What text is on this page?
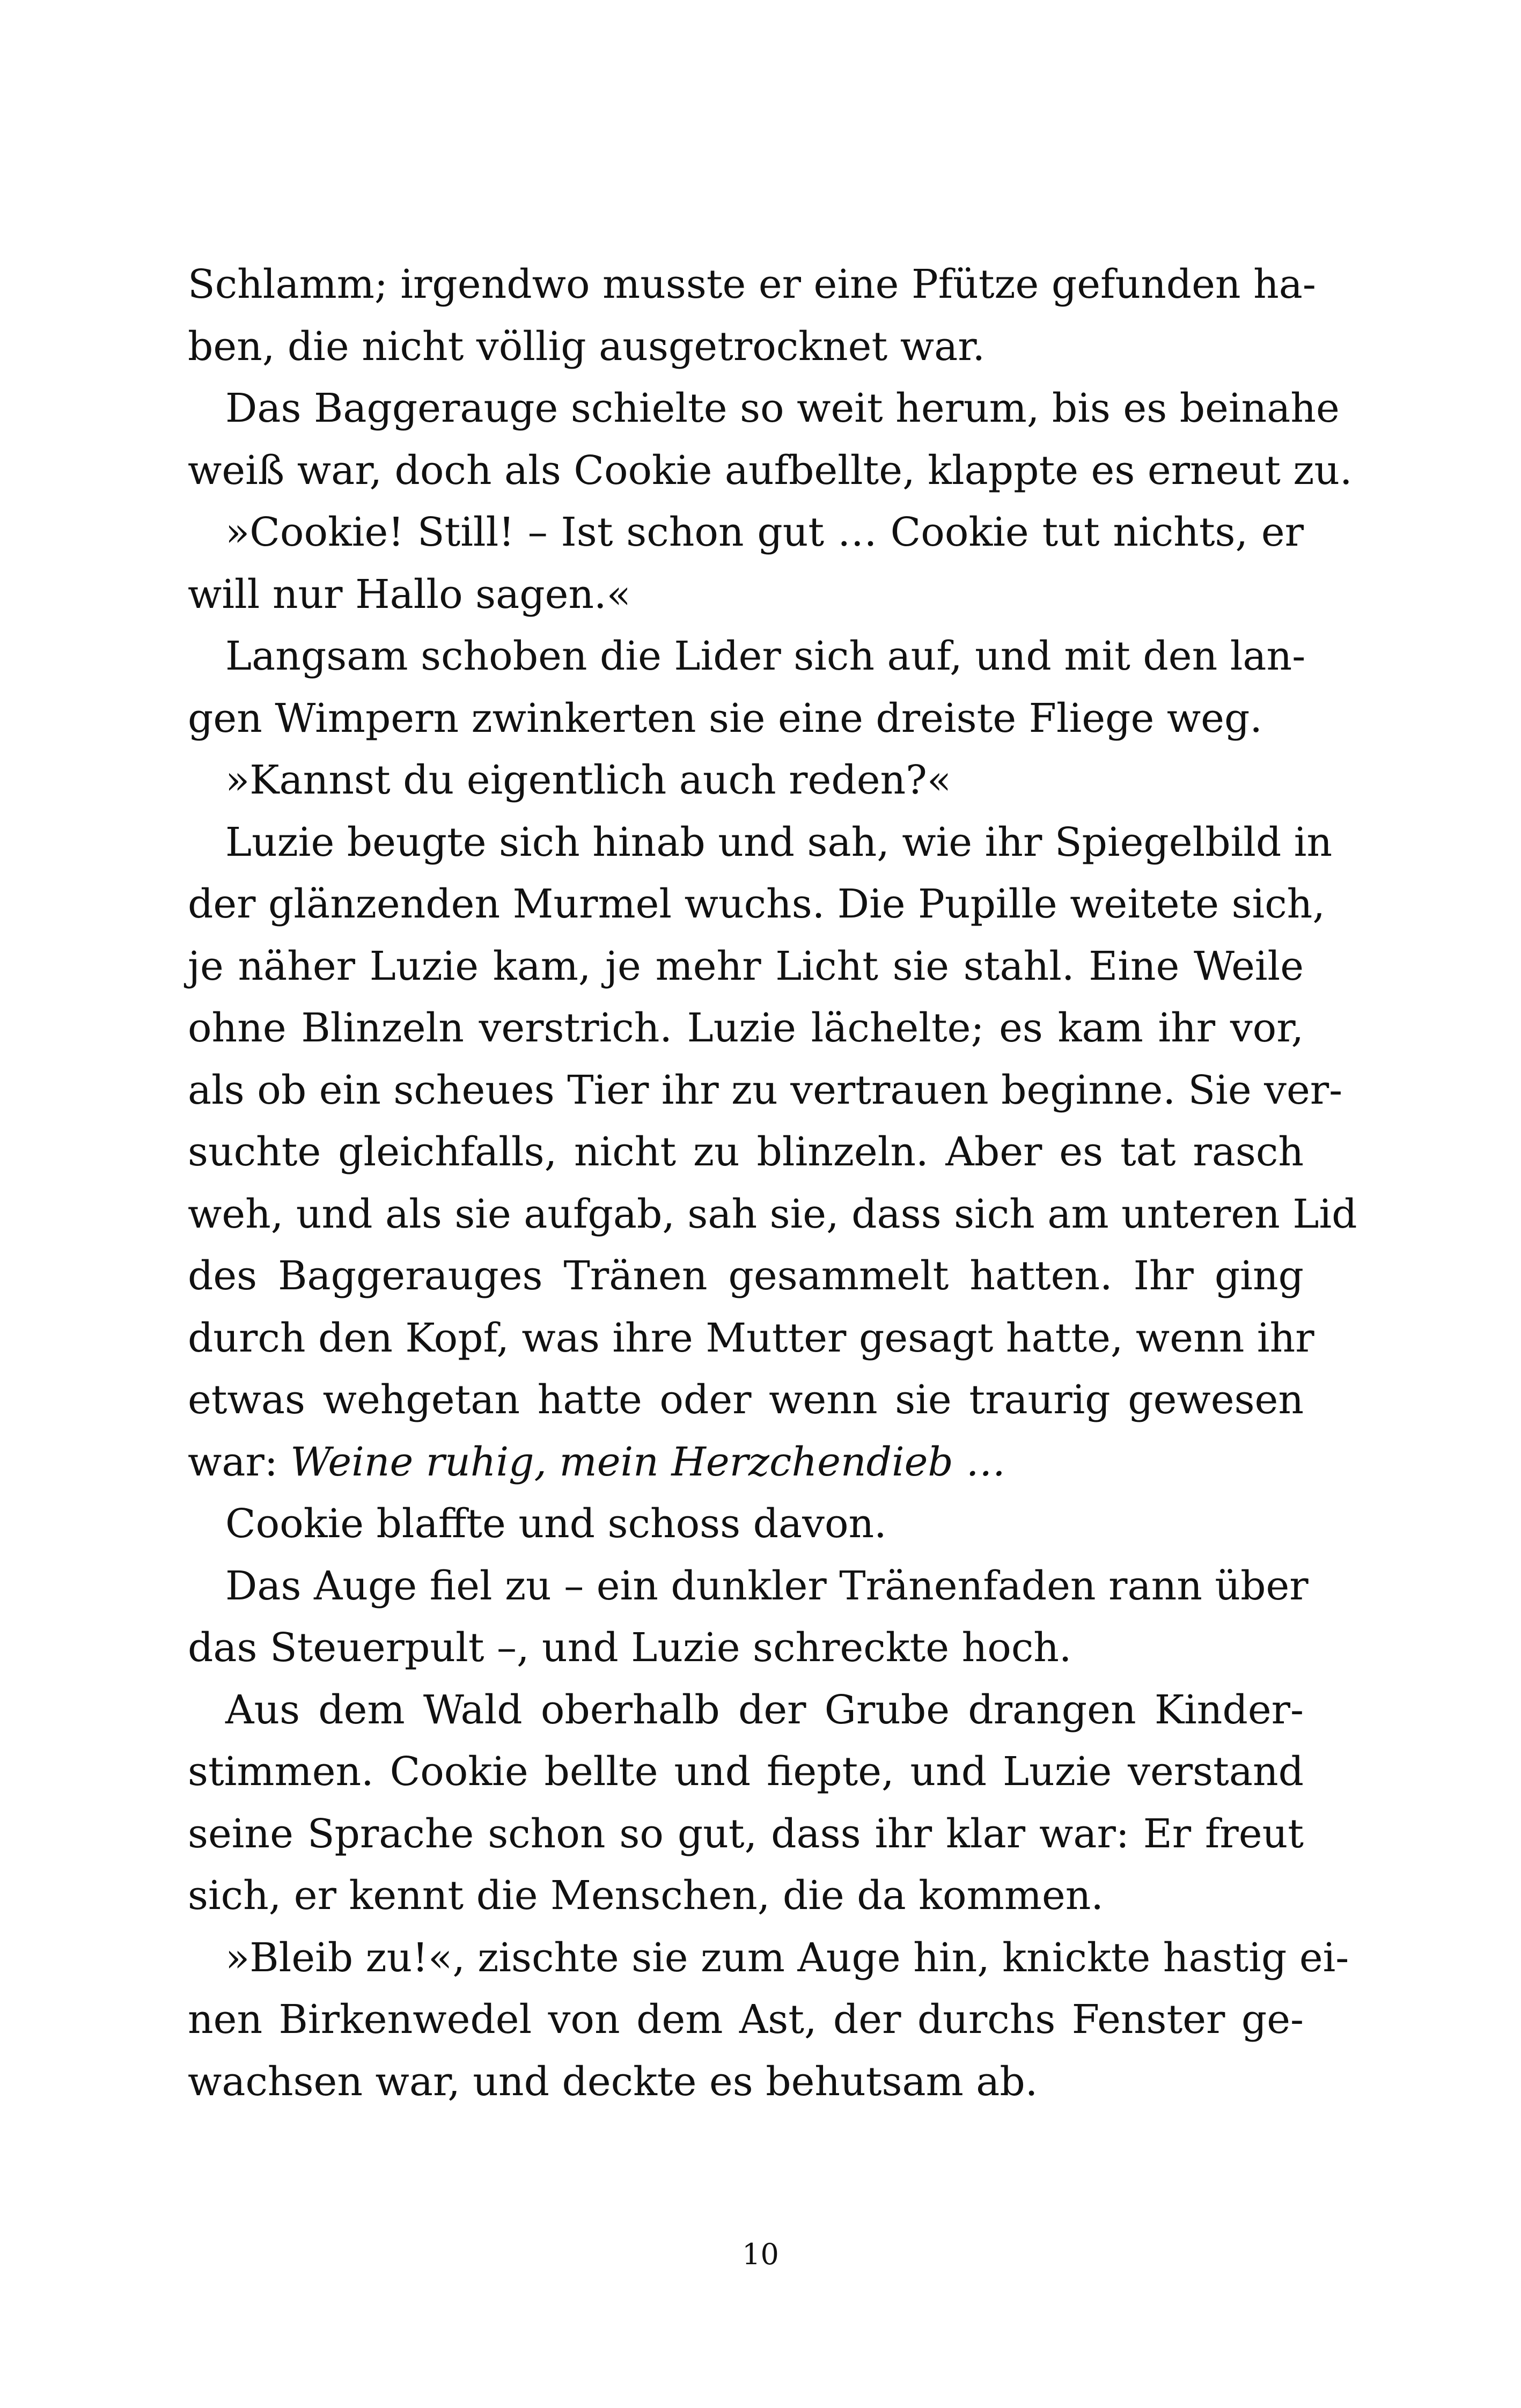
Schlamm; irgendwo musste er eine Pfütze gefunden ha-
ben, die nicht völlig ausgetrocknet war.
Das Baggerauge schielte so weit herum, bis es beinahe
weiß war, doch als Cookie aufbellte, klappte es erneut zu.
»Cookie! Still! – Ist schon gut … Cookie tut nichts, er
will nur Hallo sagen.«
Langsam schoben die Lider sich auf, und mit den lan-
gen Wimpern zwinkerten sie eine dreiste Fliege weg.
»Kannst du eigentlich auch reden?«
Luzie beugte sich hinab und sah, wie ihr Spiegelbild in
der glänzenden Murmel wuchs. Die Pupille weitete sich,
je näher Luzie kam, je mehr Licht sie stahl. Eine Weile
ohne Blinzeln verstrich. Luzie lächelte; es kam ihr vor,
als ob ein scheues Tier ihr zu vertrauen beginne. Sie ver-
suchte gleichfalls, nicht zu blinzeln. Aber es tat rasch
weh, und als sie aufgab, sah sie, dass sich am unteren Lid
des Baggerauges Tränen gesammelt hatten. Ihr ging
durch den Kopf, was ihre Mutter gesagt hatte, wenn ihr
etwas wehgetan hatte oder wenn sie traurig gewesen
war: Weine ruhig, mein Herzchendieb …
Cookie blaffte und schoss davon.
Das Auge fiel zu – ein dunkler Tränenfaden rann über
das Steuerpult –, und Luzie schreckte hoch.
Aus dem Wald oberhalb der Grube drangen Kinder-
stimmen. Cookie bellte und fiepte, und Luzie verstand
seine Sprache schon so gut, dass ihr klar war: Er freut
sich, er kennt die Menschen, die da kommen.
»Bleib zu!«, zischte sie zum Auge hin, knickte hastig ei-
nen Birkenwedel von dem Ast, der durchs Fenster ge-
wachsen war, und deckte es behutsam ab.
10
